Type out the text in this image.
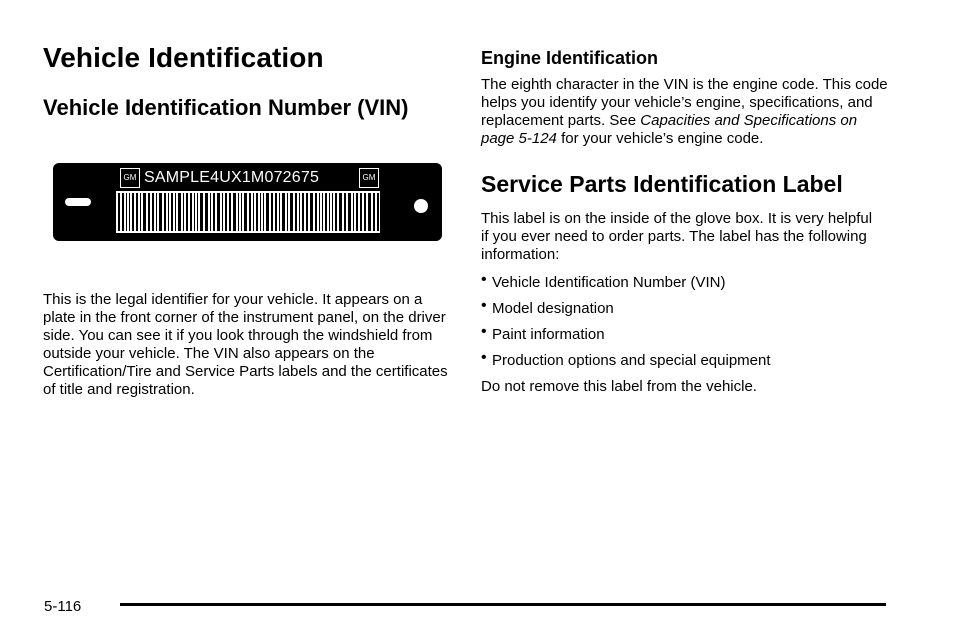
Vehicle Identification
Vehicle Identification Number (VIN)
GM SAMPLE4UX1M072675	GM

This is the legal identifier for your vehicle. It appears on a plate in the front corner of the instrument panel, on the driver side. You can see it if you look through the windshield from outside your vehicle. The VIN also appears on the Certification/Tire and Service Parts labels and the certificates of title and registration.

Engine Identification

The eighth character in the VIN is the engine code. This code helps you identify your vehicle’s engine, specifications, and replacement parts. See Capacities and Specifications on page 5-124 for your vehicle’s engine code.

Service Parts Identification Label

This label is on the inside of the glove box. It is very helpful if you ever need to order parts. The label has the following information:

• Vehicle Identification Number (VIN)
• Model designation
• Paint information
• Production options and special equipment

Do not remove this label from the vehicle.

5-116
